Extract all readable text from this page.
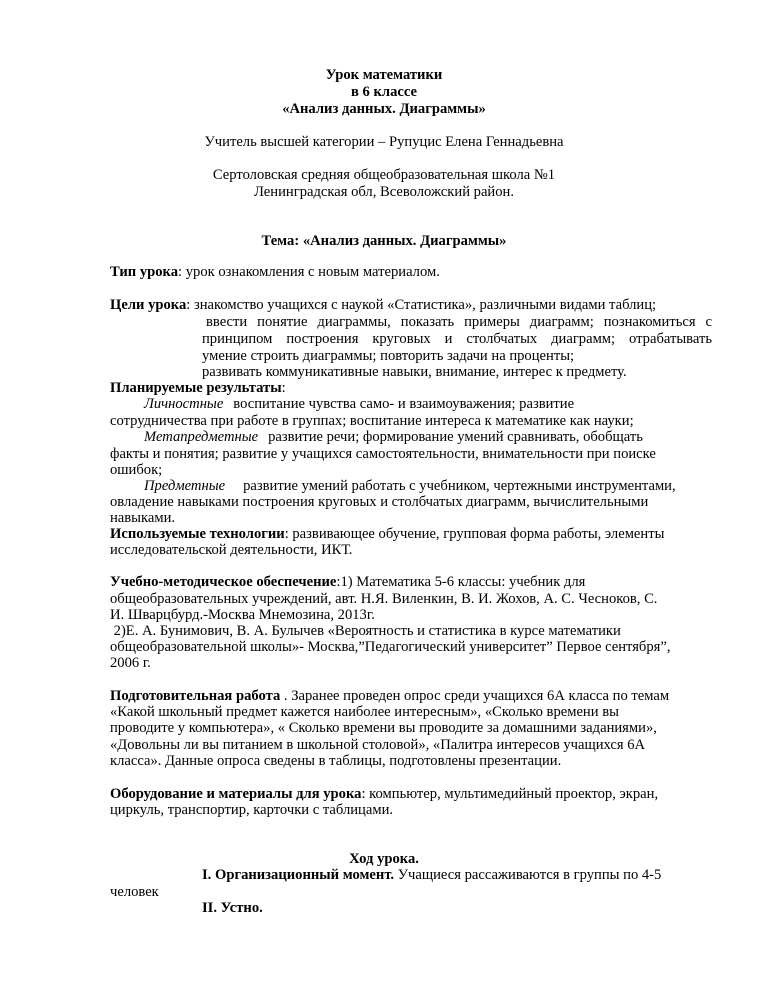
Урок математики
в 6 классе
«Анализ данных. Диаграммы»
Учитель высшей категории – Рупуцис Елена Геннадьевна
Сертоловская средняя общеобразовательная школа №1
Ленинградская обл, Всеволожский район.
Тема: «Анализ данных. Диаграммы»
Тип урока: урок ознакомления с новым материалом.
Цели урока: знакомство учащихся с наукой «Статистика», различными видами таблиц;
ввести понятие диаграммы, показать примеры диаграмм; познакомиться с
принципом построения круговых и столбчатых диаграмм; отрабатывать
умение строить диаграммы; повторить задачи на проценты;
развивать коммуникативные навыки, внимание, интерес к предмету.
Планируемые результаты:
Личностные воспитание чувства само- и взаимоуважения; развитие
сотрудничества при работе в группах; воспитание интереса к математике как науки;
Метапредметные развитие речи; формирование умений сравнивать, обобщать
факты и понятия; развитие у учащихся самостоятельности, внимательности при поиске
ошибок;
Предметные развитие умений работать с учебником, чертежными инструментами,
овладение навыками построения круговых и столбчатых диаграмм, вычислительными
навыками.
Используемые технологии: развивающее обучение, групповая форма работы, элементы
исследовательской деятельности, ИКТ.
Учебно-методическое обеспечение:1) Математика 5-6 классы: учебник для
общеобразовательных учреждений, авт. Н.Я. Виленкин, В. И. Жохов, А. С. Чесноков, С.
И. Шварцбурд.-Москва Мнемозина, 2013г.
2)Е. А. Бунимович, В. А. Булычев «Вероятность и статистика в курсе математики
общеобразовательной школы»- Москва,”Педагогический университет” Первое сентября”,
2006 г.
Подготовительная работа . Заранее проведен опрос среди учащихся 6А класса по темам
«Какой школьный предмет кажется наиболее интересным», «Сколько времени вы
проводите у компьютера», « Сколько времени вы проводите за домашними заданиями»,
«Довольны ли вы питанием в школьной столовой», «Палитра интересов учащихся 6А
класса». Данные опроса сведены в таблицы, подготовлены презентации.
Оборудование и материалы для урока: компьютер, мультимедийный проектор, экран,
циркуль, транспортир, карточки с таблицами.
Ход урока.
I. Организационный момент. Учащиеся рассаживаются в группы по 4-5
человек
II. Устно.
